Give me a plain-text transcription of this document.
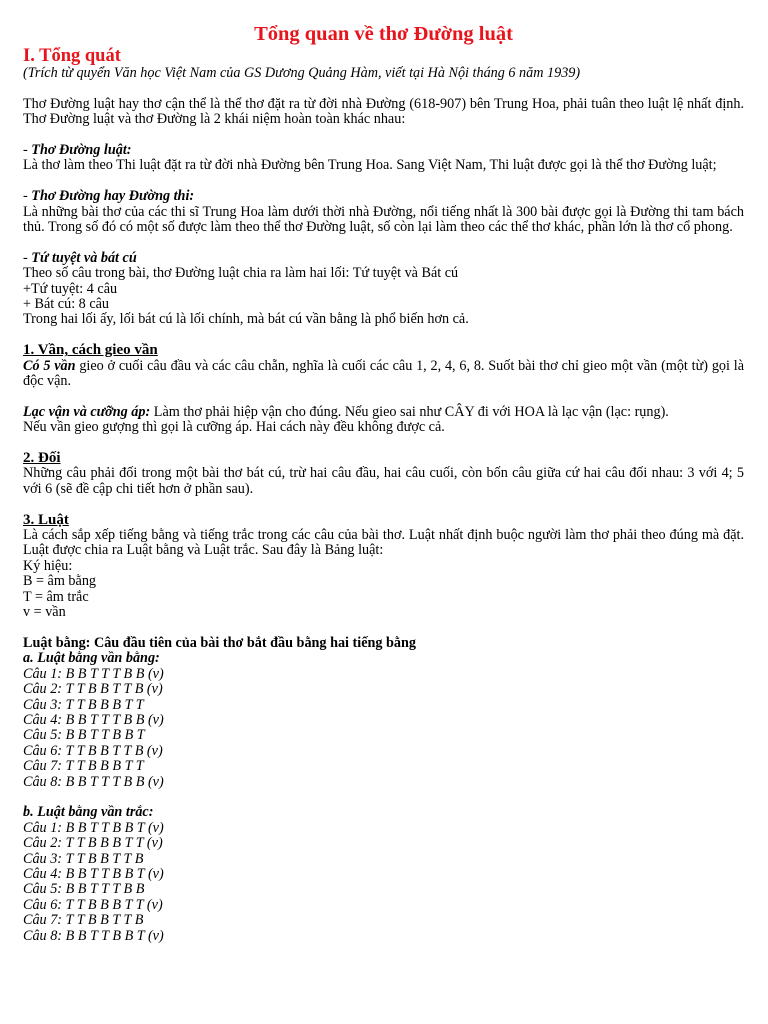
Tổng quan về thơ Đường luật
I. Tổng quát

(Trích từ quyển Văn học Việt Nam của GS Dương Quảng Hàm, viết tại Hà Nội tháng 6 năm 1939)

Thơ Đường luật hay thơ cận thể là thể thơ đặt ra từ đời nhà Đường (618-907) bên Trung Hoa, phải tuân theo luật lệ nhất định. Thơ Đường luật và thơ Đường là 2 khái niệm hoàn toàn khác nhau:

- Thơ Đường luật:

Là thơ làm theo Thi luật đặt ra từ đời nhà Đường bên Trung Hoa. Sang Việt Nam, Thi luật được gọi là thể thơ Đường luật;

- Thơ Đường hay Đường thi:

Là những bài thơ của các thi sĩ Trung Hoa làm dưới thời nhà Đường, nổi tiếng nhất là 300 bài được gọi là Đường thi tam bách thủ. Trong số đó có một số được làm theo thể thơ Đường luật, số còn lại làm theo các thể thơ khác, phần lớn là thơ cổ phong.

- Tứ tuyệt và bát cú

Theo số câu trong bài, thơ Đường luật chia ra làm hai lối: Tứ tuyệt và Bát cú
+Tứ tuyệt: 4 câu
+ Bát cú: 8 câu
Trong hai lối ấy, lối bát cú là lối chính, mà bát cú vần bằng là phổ biến hơn cả.
1. Vần, cách gieo vần

Có 5 vần gieo ở cuối câu đầu và các câu chẵn, nghĩa là cuối các câu 1, 2, 4, 6, 8. Suốt bài thơ chỉ gieo một vần (một từ) gọi là độc vận.

Lạc vận và cưỡng áp: Làm thơ phải hiệp vận cho đúng. Nếu gieo sai như CÂY đi với HOA là lạc vận (lạc: rụng).

Nếu vần gieo gượng thì gọi là cưỡng áp. Hai cách này đều không được cả.

2. Đối

Những câu phải đối trong một bài thơ bát cú, trừ hai câu đầu, hai câu cuối, còn bốn câu giữa cứ hai câu đối nhau: 3 với 4; 5 với 6 (sẽ đề cập chi tiết hơn ở phần sau).

3. Luật

Là cách sắp xếp tiếng bằng và tiếng trắc trong các câu của bài thơ. Luật nhất định buộc người làm thơ phải theo đúng mà đặt. Luật được chia ra Luật bằng và Luật trắc. Sau đây là Bảng luật:

Ký hiệu:
B = âm bằng
T = âm trắc
v = vần

Luật bằng: Câu đầu tiên của bài thơ bắt đầu bằng hai tiếng bằng

a. Luật bằng vần bằng:

Câu 1: B B T T T B B (v)
Câu 2: T T B B T T B (v)
Câu 3: T T B B B T T
Câu 4: B B T T T B B (v)
Câu 5: B B T T B B T
Câu 6: T T B B T T B (v)
Câu 7: T T B B B T T
Câu 8: B B T T T B B (v)

b. Luật bằng vần trắc:

Câu 1: B B T T B B T (v)
Câu 2: T T B B B T T (v)
Câu 3: T T B B T T B
Câu 4: B B T T B B T (v)
Câu 5: B B T T T B B
Câu 6: T T B B B T T (v)
Câu 7: T T B B T T B
Câu 8: B B T T B B T (v)
